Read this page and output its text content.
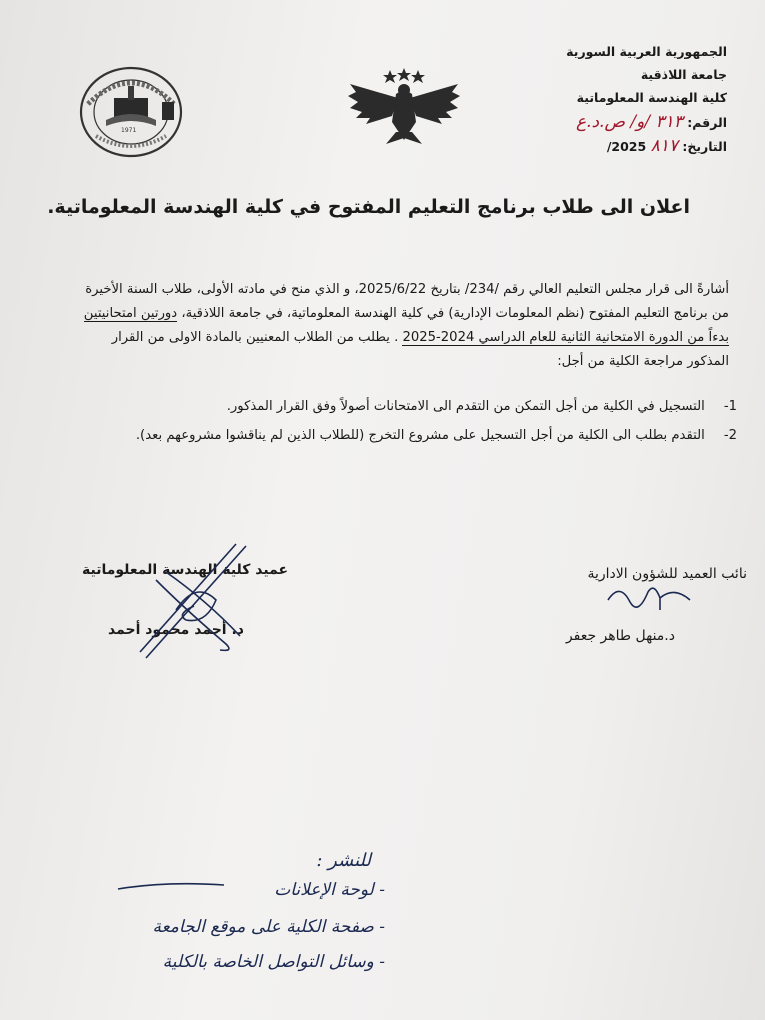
1971
الجمهورية العربية السورية
جامعة اللاذقية
كلية الهندسة المعلوماتية
الرقم: ٣١٣ /و/ ص.د.ع
التاريخ: ٨١٧ /2025
اعلان الى طلاب برنامج التعليم المفتوح في كلية الهندسة المعلوماتية.

أشارةً الى قرار مجلس التعليم العالي رقم /234/ بتاريخ 2025/6/22، و الذي منح في مادته الأولى، طلاب السنة الأخيرة

من برنامج التعليم المفتوح (نظم المعلومات الإدارية) في كلية الهندسة المعلوماتية، في جامعة اللاذقية، دورتين امتحانيتين

بدءاً من الدورة الامتحانية الثانية للعام الدراسي 2024-2025 . يطلب من الطلاب المعنيين بالمادة الاولى من القرار

المذكور مراجعة الكلية من أجل:

1- التسجيل في الكلية من أجل التمكن من التقدم الى الامتحانات أصولاً وفق القرار المذكور.
2- التقدم بطلب الى الكلية من أجل التسجيل على مشروع التخرج (للطلاب الذين لم يناقشوا مشروعهم بعد).
نائب العميد للشؤون الادارية
د.منهل طاهر جعفر
عميد كلية الهندسة المعلوماتية
د. أحمد محمود أحمد
للنشر :
- لوحة الإعلانات
- صفحة الكلية على موقع الجامعة
- وسائل التواصل الخاصة بالكلية
